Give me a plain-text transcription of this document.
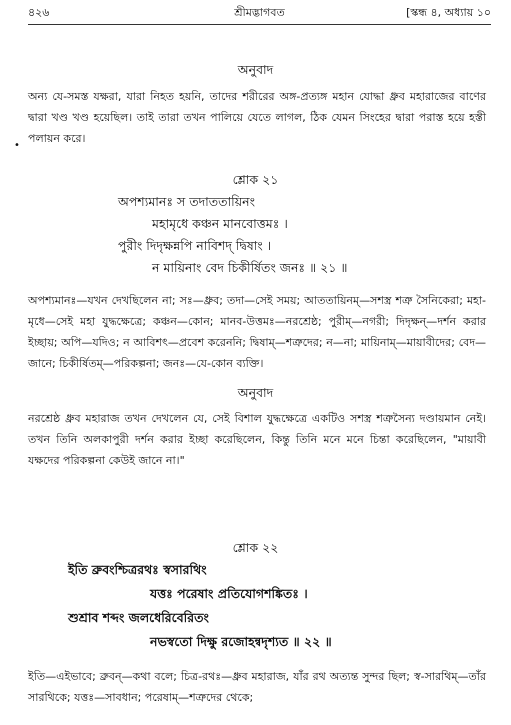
৪২৬	শ্রীমদ্ভাগবত	[স্কন্ধ ৪, অধ্যায় ১০
অনুবাদ

অন্য যে-সমস্ত যক্ষরা, যারা নিহত হয়নি, তাদের শরীরের অঙ্গ-প্রত্যঙ্গ মহান যোদ্ধা ধ্রুব মহারাজের বাণের দ্বারা খণ্ড খণ্ড হয়েছিল। তাই তারা তখন পালিয়ে যেতে লাগল, ঠিক যেমন সিংহের দ্বারা পরাস্ত হয়ে হস্তী পলায়ন করে।

•
শ্লোক ২১
অপশ্যমানঃ স তদাততায়িনং
মহামৃধে কঞ্চন মানবোত্তমঃ ।
পুরীং দিদৃক্ষন্নপি নাবিশদ্ দ্বিষাং ।
ন মায়িনাং বেদ চিকীর্ষিতং জনঃ ॥ ২১ ॥

অপশ্যমানঃ—যখন দেখছিলেন না; সঃ—ধ্রুব; তদা—সেই সময়; আততায়িনম্—সশস্ত্র শত্রু সৈনিকেরা; মহা-মৃধে—সেই মহা যুদ্ধক্ষেত্রে; কঞ্চন—কোন; মানব-উত্তমঃ—নরশ্রেষ্ঠ; পুরীম্—নগরী; দিদৃক্ষন্—দর্শন করার ইচ্ছায়; অপি—যদিও; ন আবিশৎ—প্রবেশ করেননি; দ্বিষাম্—শত্রুদের; ন—না; মায়িনাম্—মায়াবীদের; বেদ—জানে; চিকীর্ষিতম্—পরিকল্পনা; জনঃ—যে-কোন ব্যক্তি।

অনুবাদ

নরশ্রেষ্ঠ ধ্রুব মহারাজ তখন দেখলেন যে, সেই বিশাল যুদ্ধক্ষেত্রে একটিও সশস্ত্র শত্রুসৈন্য দণ্ডায়মান নেই। তখন তিনি অলকাপুরী দর্শন করার ইচ্ছা করেছিলেন, কিন্তু তিনি মনে মনে চিন্তা করেছিলেন, "মায়াবী যক্ষদের পরিকল্পনা কেউই জানে না।"

শ্লোক ২২
ইতি ব্রুবংশ্চিত্ররথঃ স্বসারথিং
যত্তঃ পরেষাং প্রতিযোগশঙ্কিতঃ ।
শুশ্রাব শব্দং জলধেরিবেরিতং
নভস্বতো দিক্ষু রজোহন্বদৃশ্যত ॥ ২২ ॥

ইতি—এইভাবে; ব্রুবন্—কথা বলে; চিত্র-রথঃ—ধ্রুব মহারাজ, যাঁর রথ অত্যন্ত সুন্দর ছিল; স্ব-সারথিম্—তাঁর সারথিকে; যত্তঃ—সাবধান; পরেষাম্—শত্রুদের থেকে;
